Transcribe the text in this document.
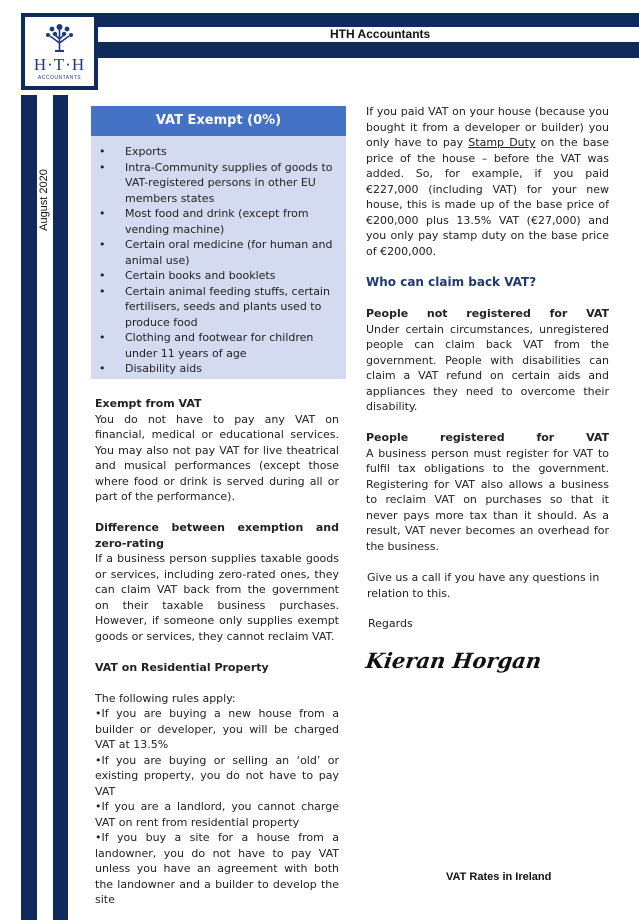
HTH Accountants
H·T·H
ACCOUNTANTS
August 2020
VAT Exempt (0%)
• Exports
• Intra-Community supplies of goods to VAT-registered persons in other EU members states
• Most food and drink (except from vending machine)
• Certain oral medicine (for human and animal use)
• Certain books and booklets
• Certain animal feeding stuffs, certain fertilisers, seeds and plants used to produce food
• Clothing and footwear for children under 11 years of age
• Disability aids

Exempt from VAT
You do not have to pay any VAT on financial, medical or educational services. You may also not pay VAT for live theatrical and musical performances (except those where food or drink is served during all or part of the performance).

Difference between exemption and zero-rating
If a business person supplies taxable goods or services, including zero-rated ones, they can claim VAT back from the government on their taxable business purchases. However, if someone only supplies exempt goods or services, they cannot reclaim VAT.

VAT on Residential Property

The following rules apply:
•If you are buying a new house from a builder or developer, you will be charged VAT at 13.5%
•If you are buying or selling an ‘old’ or existing property, you do not have to pay VAT
•If you are a landlord, you cannot charge VAT on rent from residential property
•If you buy a site for a house from a landowner, you do not have to pay VAT unless you have an agreement with both the landowner and a builder to develop the site

If you paid VAT on your house (because you bought it from a developer or builder) you only have to pay Stamp Duty on the base price of the house – before the VAT was added. So, for example, if you paid €227,000 (including VAT) for your new house, this is made up of the base price of €200,000 plus 13.5% VAT (€27,000) and you only pay stamp duty on the base price of €200,000.

Who can claim back VAT?
People not registered for VAT
Under certain circumstances, unregistered people can claim back VAT from the government. People with disabilities can claim a VAT refund on certain aids and appliances they need to overcome their disability.
People	registered	for	VAT
A business person must register for VAT to fulfil tax obligations to the government. Registering for VAT also allows a business to reclaim VAT on purchases so that it never pays more tax than it should. As a result, VAT never becomes an overhead for the business.
Give us a call if you have any questions in relation to this.
Regards
Kieran Horgan
VAT Rates in Ireland
